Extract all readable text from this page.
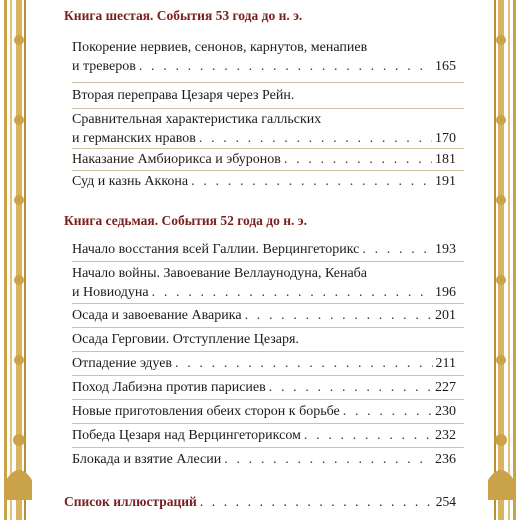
Книга шестая. События 53 года до н. э.
Покорение нервиев, сенонов, карнутов, менапиев
и треверов . . .	165
Вторая переправа Цезаря через Рейн.
Сравнительная характеристика галльских
и германских нравов . . .	170
Наказание Амбиорикса и эбуронов . . .	181
Суд и казнь Аккона . . .	191
Книга седьмая. События 52 года до н. э.
Начало восстания всей Галлии. Верцингеторикс . . .	193
Начало войны. Завоевание Веллаунодуна, Кенаба
и Новиодуна . . .	196
Осада и завоевание Аварика . . .	201
Осада Герговии. Отступление Цезаря.
Отпадение эдуев . . .	211
Поход Лабиэна против парисиев . . .	227
Новые приготовления обеих сторон к борьбе . . .	230
Победа Цезаря над Верцингеториксом . . .	232
Блокада и взятие Алесии . . .	236
Список иллюстраций . . .	254
